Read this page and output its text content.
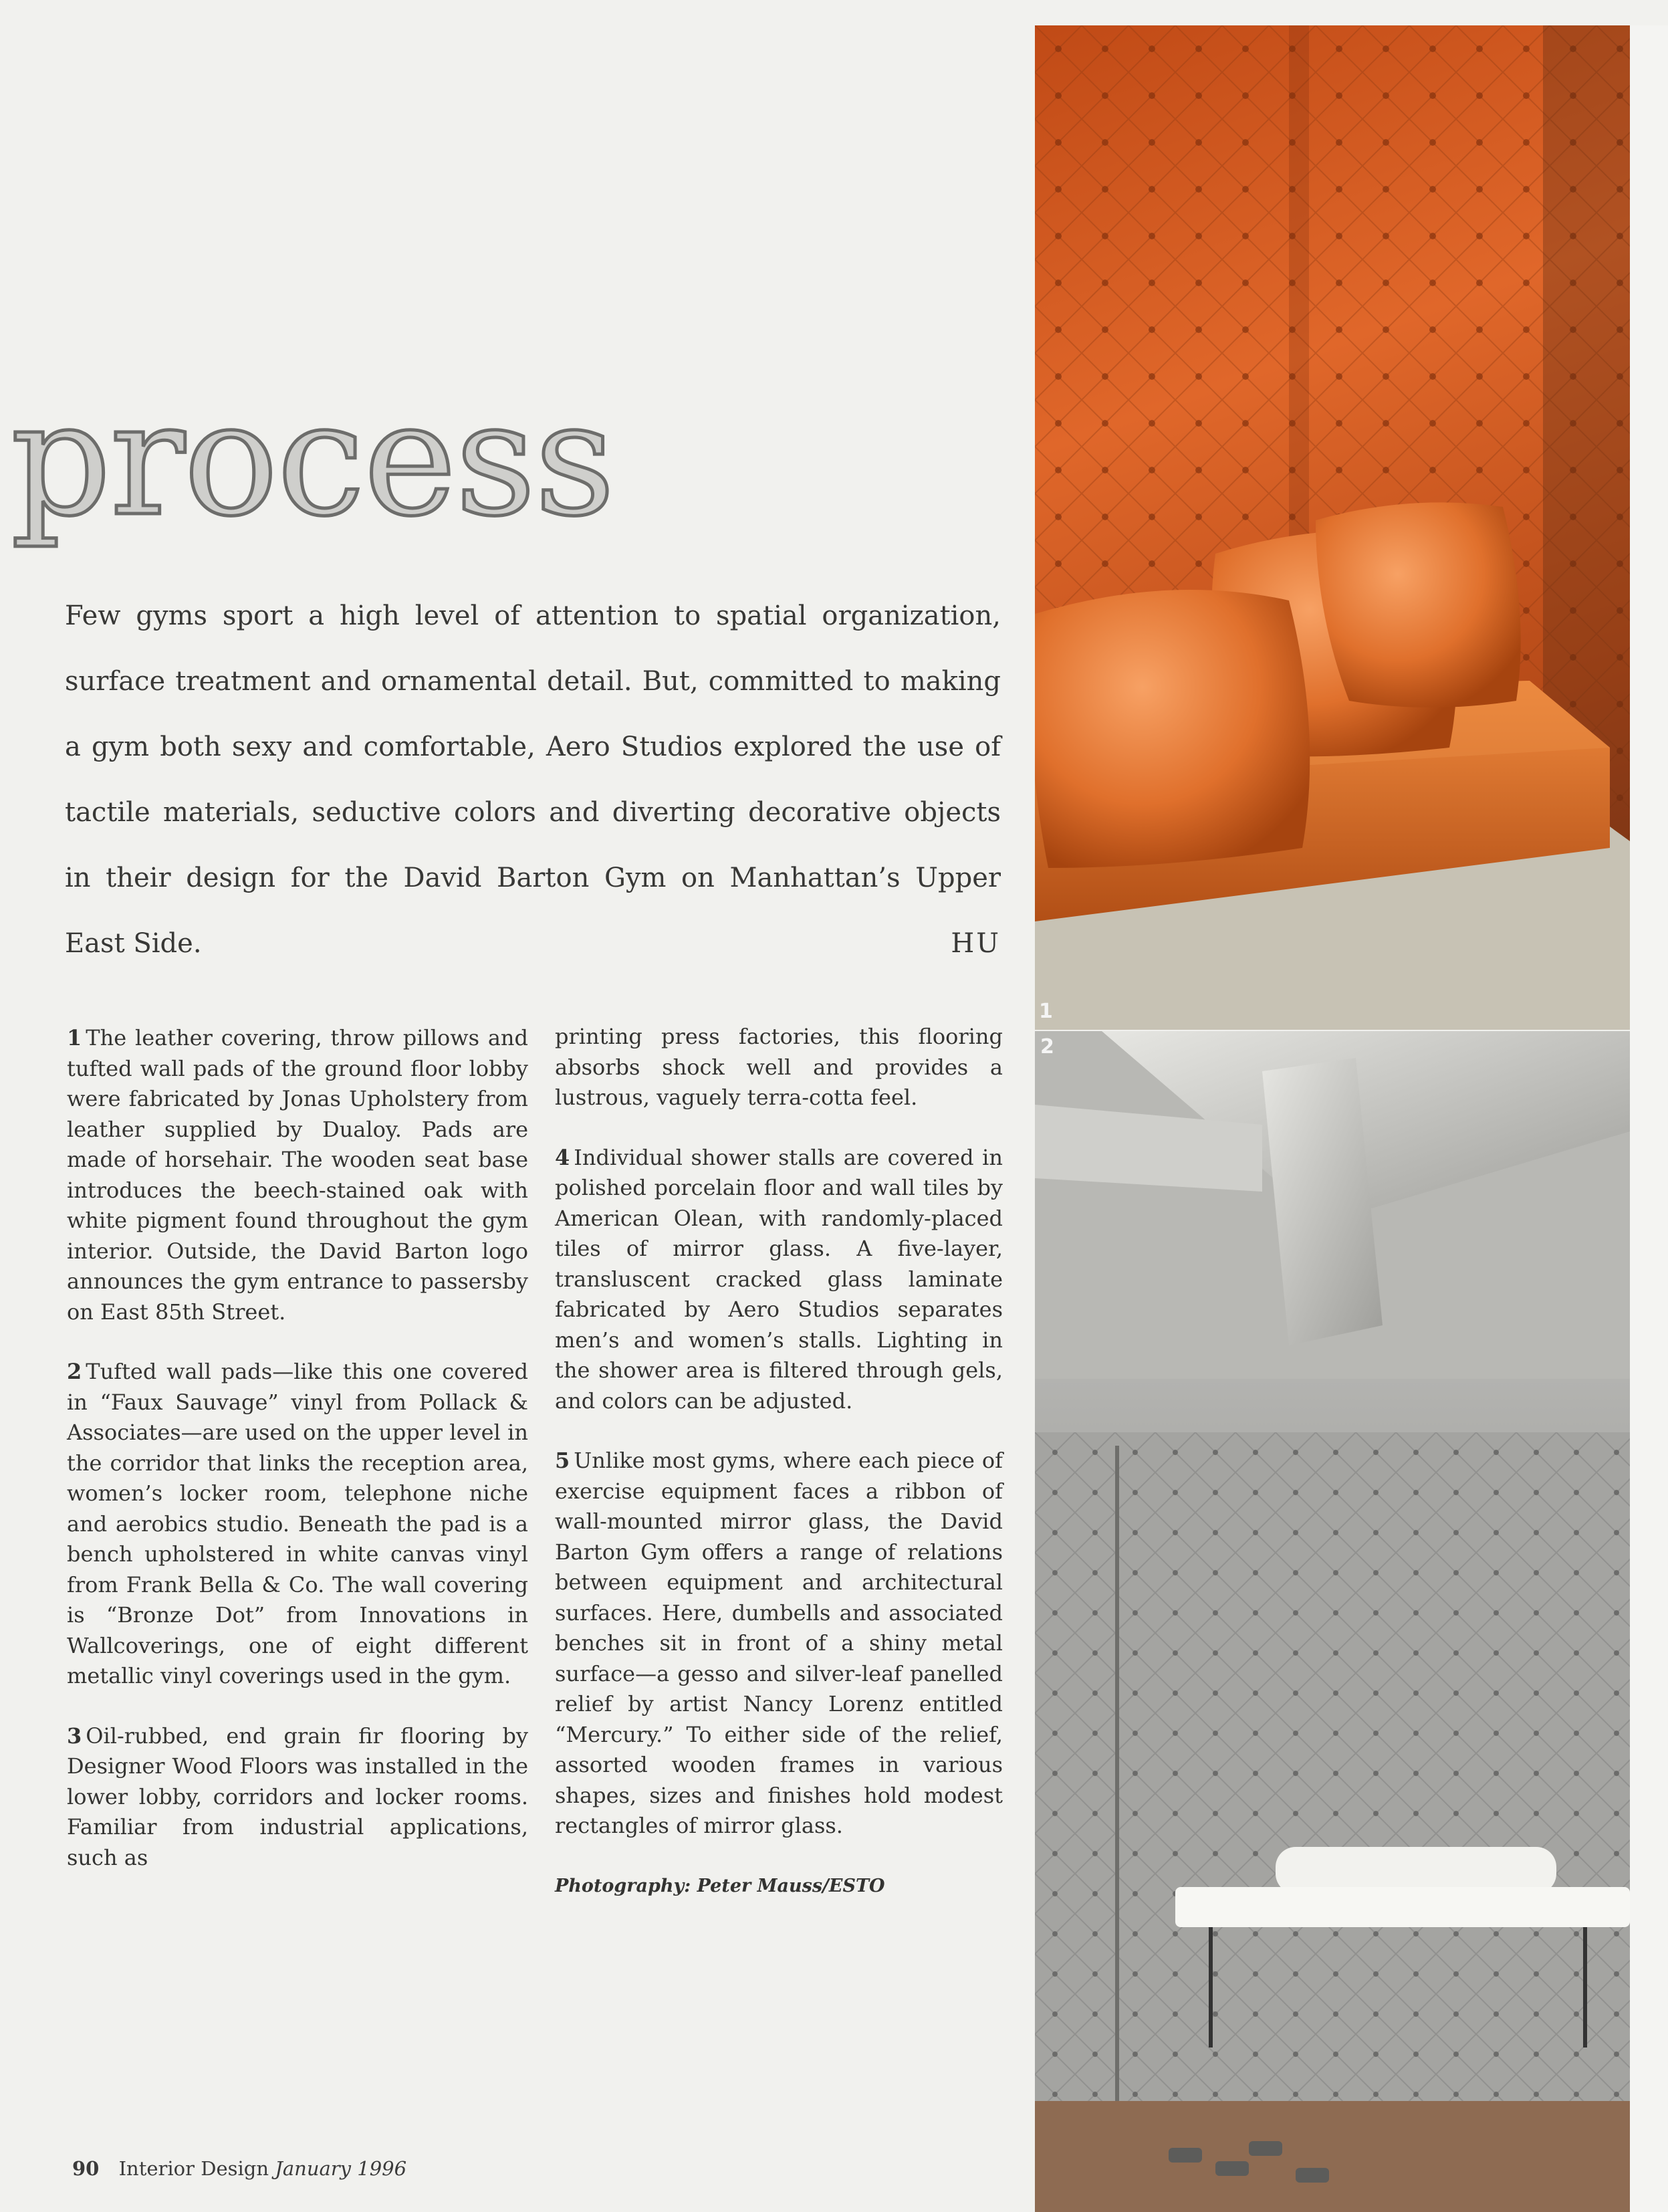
process
Few gyms sport a high level of attention to spatial organization, surface treatment and ornamental detail. But, committed to making a gym both sexy and comfortable, Aero Studios explored the use of tactile materials, seductive colors and diverting decorative objects in their design for the David Barton Gym on Manhattan’s Upper East Side.	HU

1 The leather covering, throw pillows and tufted wall pads of the ground floor lobby were fabricated by Jonas Upholstery from leather supplied by Dualoy. Pads are made of horsehair. The wooden seat base introduces the beech-stained oak with white pigment found throughout the gym interior. Outside, the David Barton logo announces the gym entrance to passersby on East 85th Street.

2 Tufted wall pads—like this one covered in “Faux Sauvage” vinyl from Pollack & Associates—are used on the upper level in the corridor that links the reception area, women’s locker room, telephone niche and aerobics studio. Beneath the pad is a bench upholstered in white canvas vinyl from Frank Bella & Co. The wall covering is “Bronze Dot” from Innovations in Wallcoverings, one of eight different metallic vinyl coverings used in the gym.

3 Oil-rubbed, end grain fir flooring by Designer Wood Floors was installed in the lower lobby, corridors and locker rooms. Familiar from industrial applications, such as

printing press factories, this flooring absorbs shock well and provides a lustrous, vaguely terra-cotta feel.

4 Individual shower stalls are covered in polished porcelain floor and wall tiles by American Olean, with randomly-placed tiles of mirror glass. A five-layer, transluscent cracked glass laminate fabricated by Aero Studios separates men’s and women’s stalls. Lighting in the shower area is filtered through gels, and colors can be adjusted.

5 Unlike most gyms, where each piece of exercise equipment faces a ribbon of wall-mounted mirror glass, the David Barton Gym offers a range of relations between equipment and architectural surfaces. Here, dumbells and associated benches sit in front of a shiny metal surface—a gesso and silver-leaf panelled relief by artist Nancy Lorenz entitled “Mercury.” To either side of the relief, assorted wooden frames in various shapes, sizes and finishes hold modest rectangles of mirror glass.

Photography: Peter Mauss/ESTO
90 Interior Design January 1996
1
2
